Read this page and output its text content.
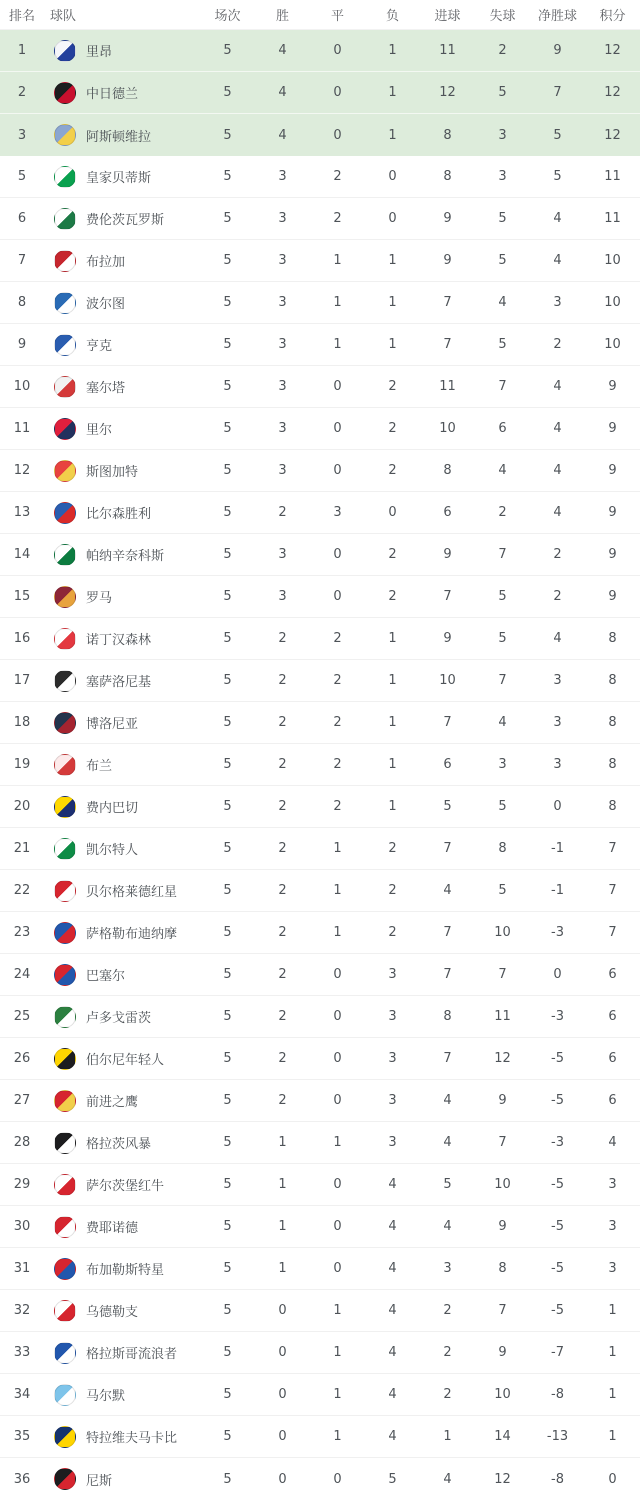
排名	球队	场次	胜	平	负	进球	失球	净胜球	积分
1	里昂	5	4	0	1	11	2	9	12
2	中日德兰	5	4	0	1	12	5	7	12
3	阿斯顿维拉	5	4	0	1	8	3	5	12
5	皇家贝蒂斯	5	3	2	0	8	3	5	11
6	费伦茨瓦罗斯	5	3	2	0	9	5	4	11
7	布拉加	5	3	1	1	9	5	4	10
8	波尔图	5	3	1	1	7	4	3	10
9	亨克	5	3	1	1	7	5	2	10
10	塞尔塔	5	3	0	2	11	7	4	9
11	里尔	5	3	0	2	10	6	4	9
12	斯图加特	5	3	0	2	8	4	4	9
13	比尔森胜利	5	2	3	0	6	2	4	9
14	帕纳辛奈科斯	5	3	0	2	9	7	2	9
15	罗马	5	3	0	2	7	5	2	9
16	诺丁汉森林	5	2	2	1	9	5	4	8
17	塞萨洛尼基	5	2	2	1	10	7	3	8
18	博洛尼亚	5	2	2	1	7	4	3	8
19	布兰	5	2	2	1	6	3	3	8
20	费内巴切	5	2	2	1	5	5	0	8
21	凯尔特人	5	2	1	2	7	8	-1	7
22	贝尔格莱德红星	5	2	1	2	4	5	-1	7
23	萨格勒布迪纳摩	5	2	1	2	7	10	-3	7
24	巴塞尔	5	2	0	3	7	7	0	6
25	卢多戈雷茨	5	2	0	3	8	11	-3	6
26	伯尔尼年轻人	5	2	0	3	7	12	-5	6
27	前进之鹰	5	2	0	3	4	9	-5	6
28	格拉茨风暴	5	1	1	3	4	7	-3	4
29	萨尔茨堡红牛	5	1	0	4	5	10	-5	3
30	费耶诺德	5	1	0	4	4	9	-5	3
31	布加勒斯特星	5	1	0	4	3	8	-5	3
32	乌德勒支	5	0	1	4	2	7	-5	1
33	格拉斯哥流浪者	5	0	1	4	2	9	-7	1
34	马尔默	5	0	1	4	2	10	-8	1
35	特拉维夫马卡比	5	0	1	4	1	14	-13	1
36	尼斯	5	0	0	5	4	12	-8	0
